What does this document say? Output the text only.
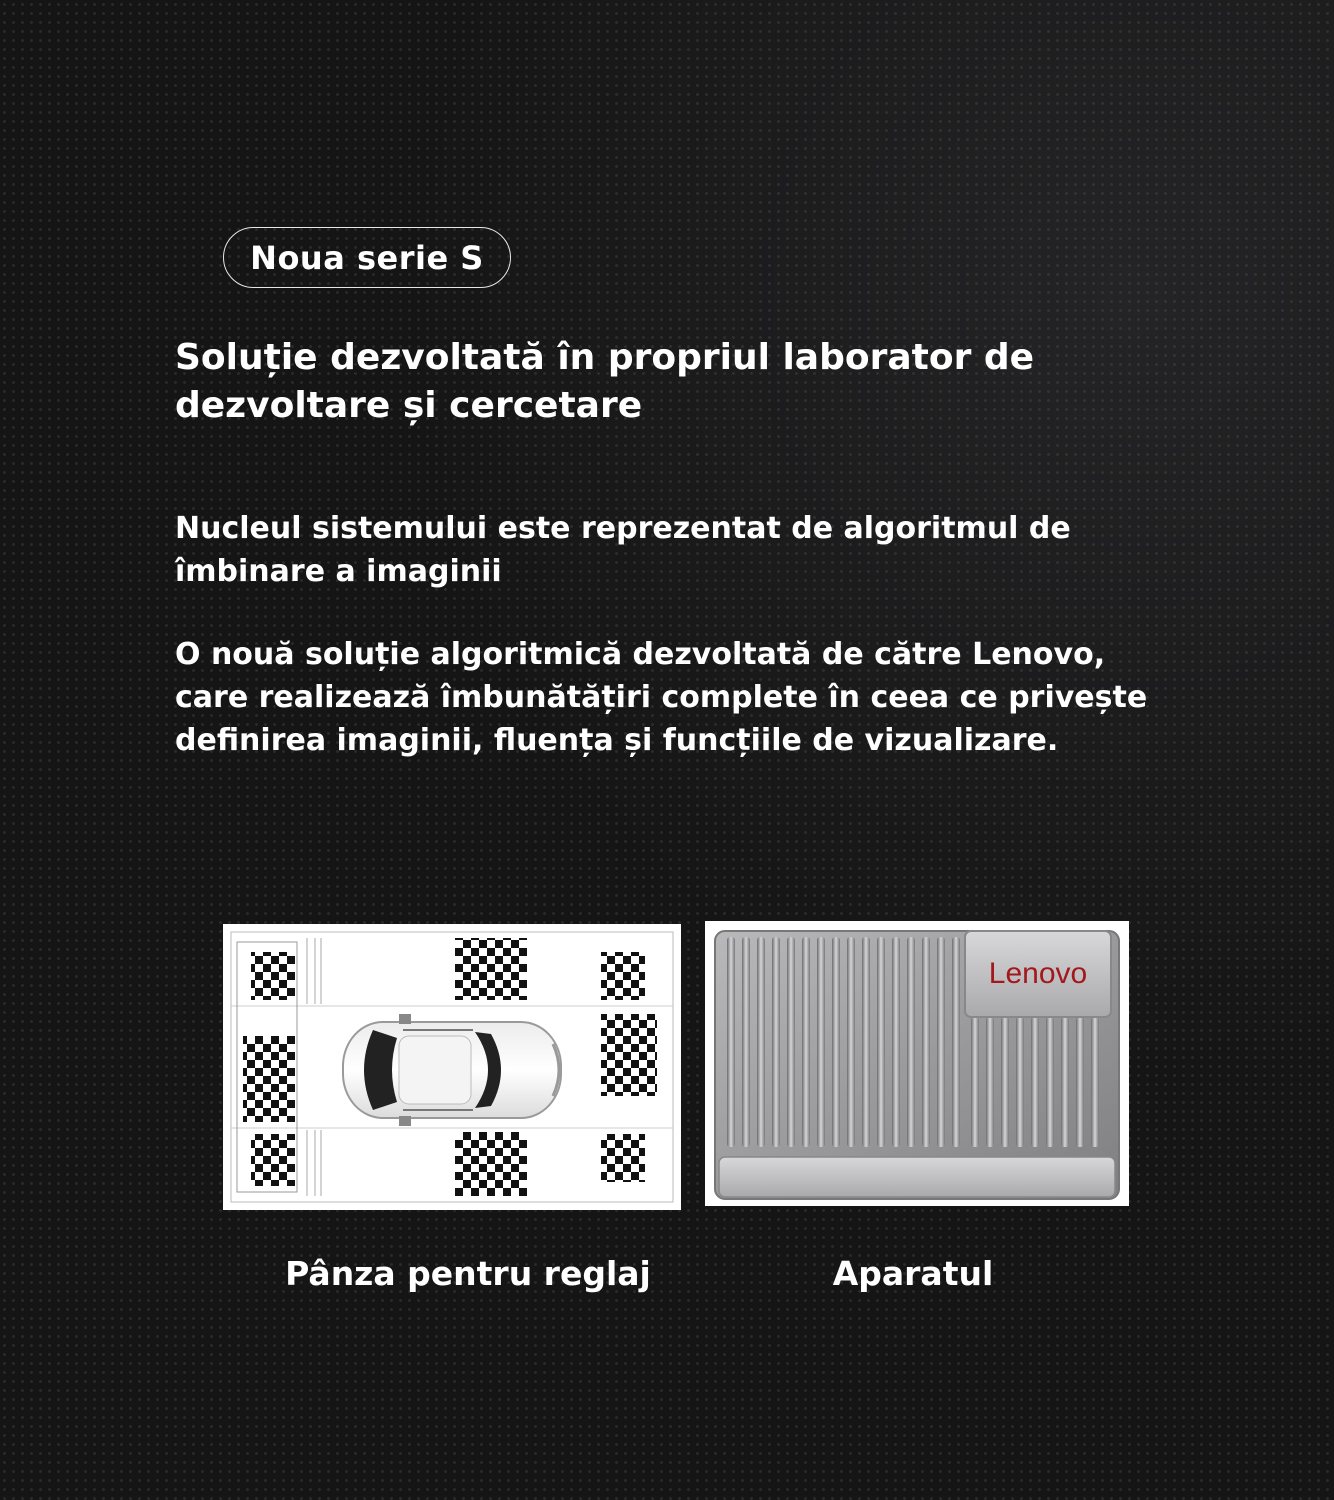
Noua serie S
Soluție dezvoltată în propriul laborator de
dezvoltare și cercetare

Nucleul sistemului este reprezentat de algoritmul de
îmbinare a imaginii

O nouă soluție algoritmică dezvoltată de către Lenovo,
care realizează îmbunătățiri complete în ceea ce privește
definirea imaginii, fluența și funcțiile de vizualizare.

Lenovo
Pânza pentru reglaj	Aparatul
